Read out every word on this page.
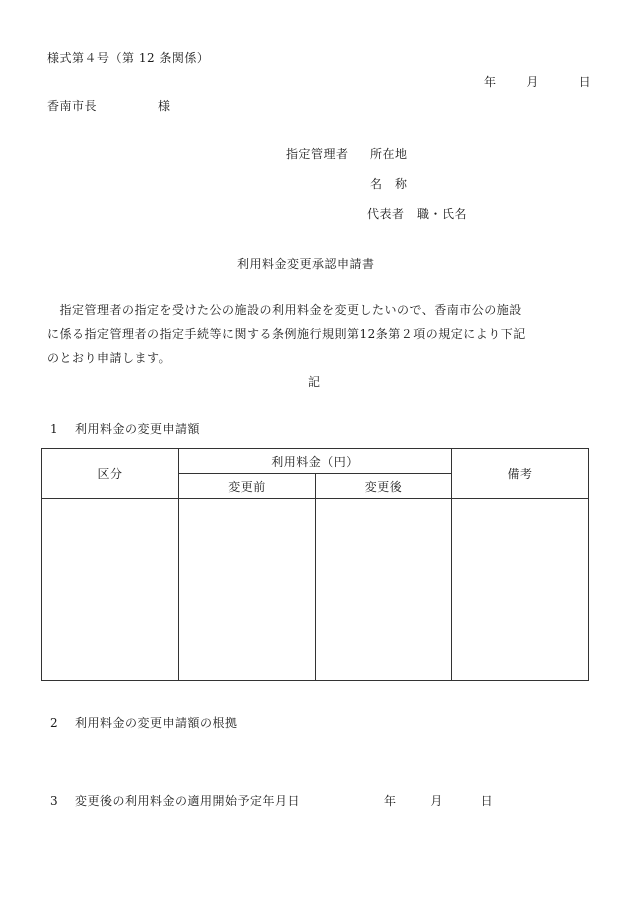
様式第４号（第 12 条関係）
年 月	日
香南市長	様
指定管理者 所在地
名　称
代表者　職・氏名
利用料金変更承認申請書
　指定管理者の指定を受けた公の施設の利用料金を変更したいので、香南市公の施設
に係る指定管理者の指定手続等に関する条例施行規則第12条第２項の規定により下記
のとおり申請します。
記
1　 利用料金の変更申請額
区分	利用料金（円）		備考
	変更前	変更後	

2　 利用料金の変更申請額の根拠
3　 変更後の利用料金の適用開始予定年月日	年	月	日
